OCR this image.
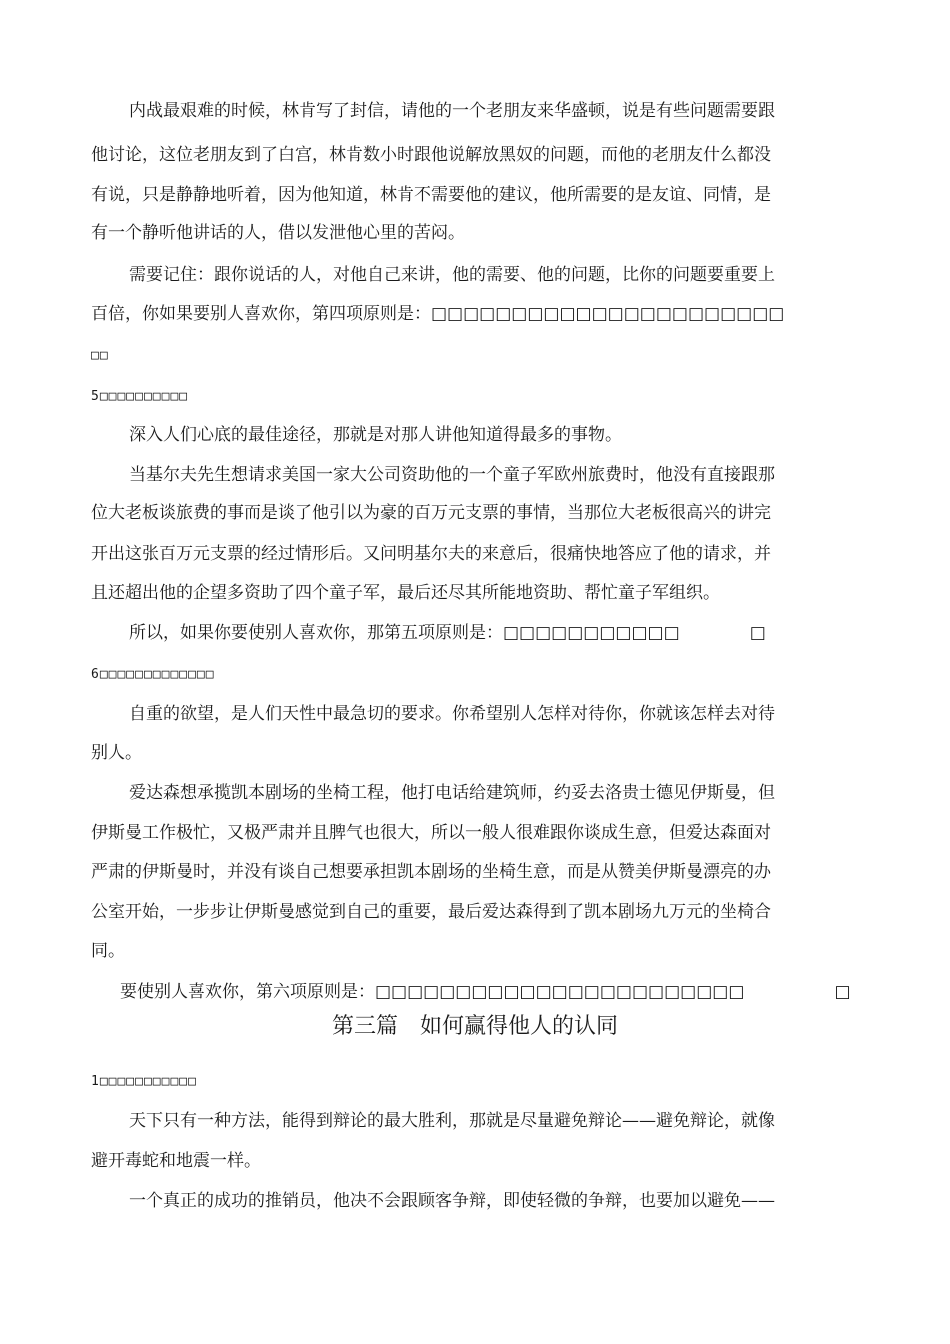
内战最艰难的时候，林肯写了封信，请他的一个老朋友来华盛顿，说是有些问题需要跟
他讨论，这位老朋友到了白宫，林肯数小时跟他说解放黑奴的问题，而他的老朋友什么都没
有说，只是静静地听着，因为他知道，林肯不需要他的建议，他所需要的是友谊、同情，是
有一个静听他讲话的人，借以发泄他心里的苦闷。
需要记住：跟你说话的人，对他自己来讲，他的需要、他的问题，比你的问题要重要上
百倍，你如果要别人喜欢你，第四项原则是：□□□□□□□□□□□□□□□□□□□□□□
□□
5□□□□□□□□□□
深入人们心底的最佳途径，那就是对那人讲他知道得最多的事物。
当基尔夫先生想请求美国一家大公司资助他的一个童子军欧州旅费时，他没有直接跟那
位大老板谈旅费的事而是谈了他引以为豪的百万元支票的事情，当那位大老板很高兴的讲完
开出这张百万元支票的经过情形后。又问明基尔夫的来意后，很痛快地答应了他的请求，并
且还超出他的企望多资助了四个童子军，最后还尽其所能地资助、帮忙童子军组织。
所以，如果你要使别人喜欢你，那第五项原则是：□□□□□□□□□□□	□
6□□□□□□□□□□□□□
自重的欲望，是人们天性中最急切的要求。你希望别人怎样对待你，你就该怎样去对待
别人。
爱达森想承揽凯本剧场的坐椅工程，他打电话给建筑师，约妥去洛贵士德见伊斯曼，但
伊斯曼工作极忙，又极严肃并且脾气也很大，所以一般人很难跟你谈成生意，但爱达森面对
严肃的伊斯曼时，并没有谈自己想要承担凯本剧场的坐椅生意，而是从赞美伊斯曼漂亮的办
公室开始，一步步让伊斯曼感觉到自己的重要，最后爱达森得到了凯本剧场九万元的坐椅合
同。
要使别人喜欢你，第六项原则是：□□□□□□□□□□□□□□□□□□□□□□□	□
第三篇　如何赢得他人的认同
1□□□□□□□□□□□
天下只有一种方法，能得到辩论的最大胜利，那就是尽量避免辩论——避免辩论，就像
避开毒蛇和地震一样。
一个真正的成功的推销员，他决不会跟顾客争辩，即使轻微的争辩，也要加以避免——
